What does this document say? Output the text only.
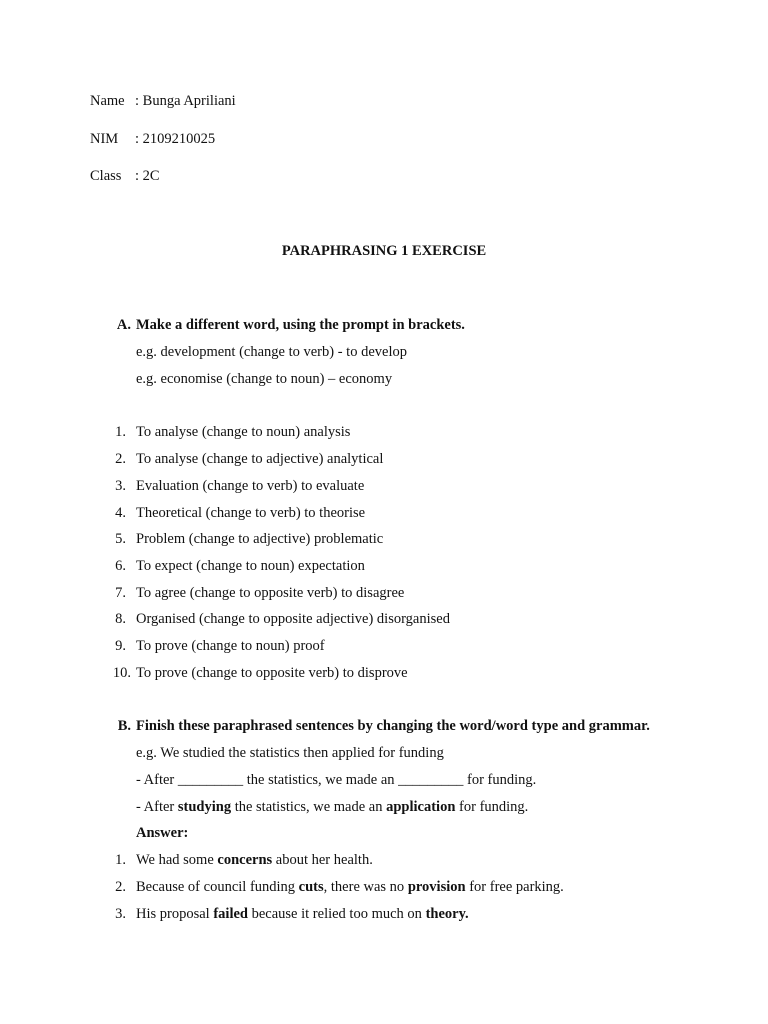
Name : Bunga Apriliani
NIM : 2109210025
Class : 2C
PARAPHRASING 1 EXERCISE
A. Make a different word, using the prompt in brackets.
e.g. development (change to verb) - to develop
e.g. economise (change to noun) – economy
1. To analyse (change to noun) analysis
2. To analyse (change to adjective) analytical
3. Evaluation (change to verb) to evaluate
4. Theoretical (change to verb) to theorise
5. Problem (change to adjective) problematic
6. To expect (change to noun) expectation
7. To agree (change to opposite verb) to disagree
8. Organised (change to opposite adjective) disorganised
9. To prove (change to noun) proof
10. To prove (change to opposite verb) to disprove
B. Finish these paraphrased sentences by changing the word/word type and grammar.
e.g. We studied the statistics then applied for funding
- After _________ the statistics, we made an _________ for funding.
- After studying the statistics, we made an application for funding.
Answer:
1. We had some concerns about her health.
2. Because of council funding cuts, there was no provision for free parking.
3. His proposal failed because it relied too much on theory.
